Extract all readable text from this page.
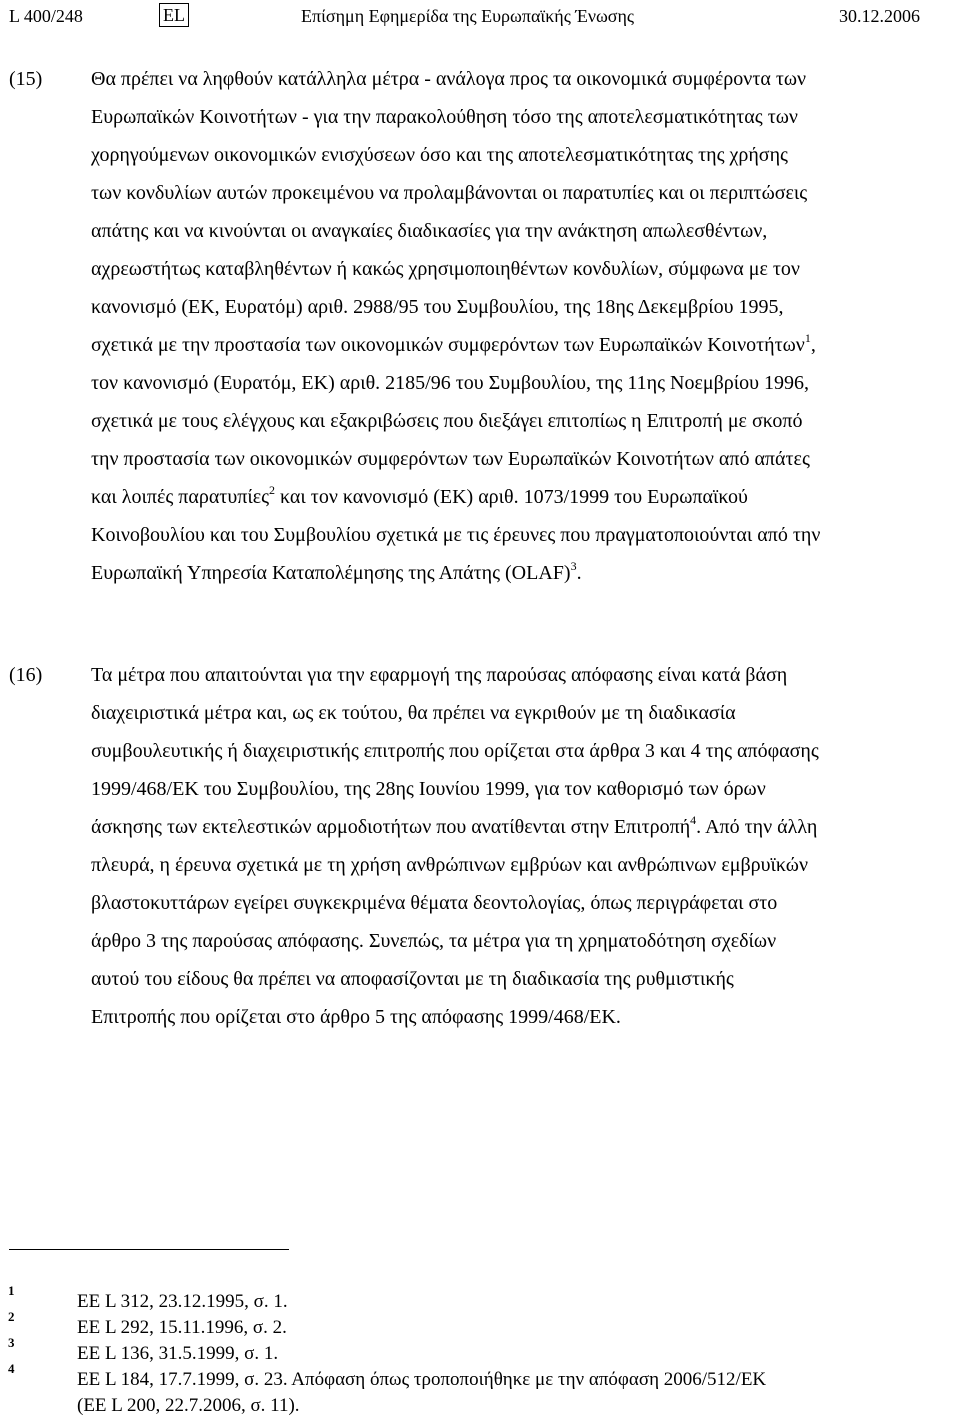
L 400/248	EL	Επίσημη Εφημερίδα της Ευρωπαϊκής Ένωσης	30.12.2006
(15) Θα πρέπει να ληφθούν κατάλληλα μέτρα - ανάλογα προς τα οικονομικά συμφέροντα των
Ευρωπαϊκών Κοινοτήτων - για την παρακολούθηση τόσο της αποτελεσματικότητας των
χορηγούμενων οικονομικών ενισχύσεων όσο και της αποτελεσματικότητας της χρήσης
των κονδυλίων αυτών προκειμένου να προλαμβάνονται οι παρατυπίες και οι περιπτώσεις
απάτης και να κινούνται οι αναγκαίες διαδικασίες για την ανάκτηση απωλεσθέντων,
αχρεωστήτως καταβληθέντων ή κακώς χρησιμοποιηθέντων κονδυλίων, σύμφωνα με τον
κανονισμό (ΕΚ, Ευρατόμ) αριθ. 2988/95 του Συμβουλίου, της 18ης Δεκεμβρίου 1995,
σχετικά με την προστασία των οικονομικών συμφερόντων των Ευρωπαϊκών Κοινοτήτων$^1$,
τον κανονισμό (Ευρατόμ, ΕΚ) αριθ. 2185/96 του Συμβουλίου, της 11ης Νοεμβρίου 1996,
σχετικά με τους ελέγχους και εξακριβώσεις που διεξάγει επιτοπίως η Επιτροπή με σκοπό
την προστασία των οικονομικών συμφερόντων των Ευρωπαϊκών Κοινοτήτων από απάτες
και λοιπές παρατυπίες$^2$ και τον κανονισμό (ΕΚ) αριθ. 1073/1999 του Ευρωπαϊκού
Κοινοβουλίου και του Συμβουλίου σχετικά με τις έρευνες που πραγματοποιούνται από την
Ευρωπαϊκή Υπηρεσία Καταπολέμησης της Απάτης (OLAF)$^3$.
(16) Τα μέτρα που απαιτούνται για την εφαρμογή της παρούσας απόφασης είναι κατά βάση
διαχειριστικά μέτρα και, ως εκ τούτου, θα πρέπει να εγκριθούν με τη διαδικασία
συμβουλευτικής ή διαχειριστικής επιτροπής που ορίζεται στα άρθρα 3 και 4 της απόφασης
1999/468/ΕΚ του Συμβουλίου, της 28ης Ιουνίου 1999, για τον καθορισμό των όρων
άσκησης των εκτελεστικών αρμοδιοτήτων που ανατίθενται στην Επιτροπή$^4$. Από την άλλη
πλευρά, η έρευνα σχετικά με τη χρήση ανθρώπινων εμβρύων και ανθρώπινων εμβρυϊκών
βλαστοκυττάρων εγείρει συγκεκριμένα θέματα δεοντολογίας, όπως περιγράφεται στο
άρθρο 3 της παρούσας απόφασης. Συνεπώς, τα μέτρα για τη χρηματοδότηση σχεδίων
αυτού του είδους θα πρέπει να αποφασίζονται με τη διαδικασία της ρυθμιστικής
Επιτροπής που ορίζεται στο άρθρο 5 της απόφασης 1999/468/ΕΚ.
1
ΕΕ L 312, 23.12.1995, σ. 1.
2
ΕΕ L 292, 15.11.1996, σ. 2.
3
ΕΕ L 136, 31.5.1999, σ. 1.
4
ΕΕ L 184, 17.7.1999, σ. 23. Απόφαση όπως τροποποιήθηκε με την απόφαση 2006/512/ΕΚ
(ΕΕ L 200, 22.7.2006, σ. 11).
